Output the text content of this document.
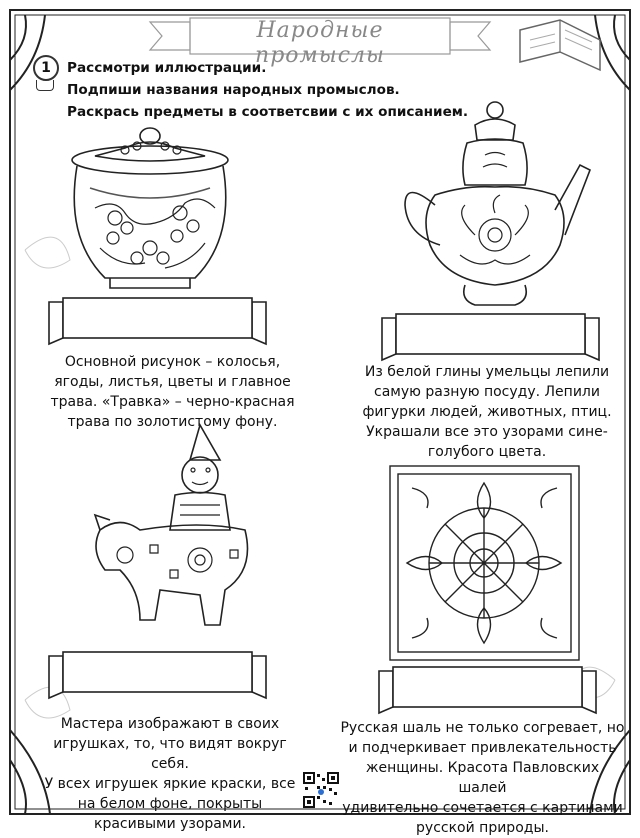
Народные промыслы
1	Рассмотри иллюстрации.
Подпиши названия народных промыслов.
Раскрась предметы в соответсвии с их описанием.
Основной рисунок – колосья,
ягоды, листья, цветы и главное
трава. «Травка» – черно-красная
трава по золотистому фону.
Из белой глины умельцы лепили
самую разную посуду. Лепили
фигурки людей, животных, птиц.
Украшали все это узорами сине-
голубого цвета.
Мастера изображают в своих
игрушках, то, что видят вокруг себя.
У всех игрушек яркие краски, все
на белом фоне, покрыты
красивыми узорами.
Русская шаль не только согревает, но
и подчеркивает привлекательность
женщины. Красота Павловских шалей
удивительно сочетается с картинами
русской природы.
